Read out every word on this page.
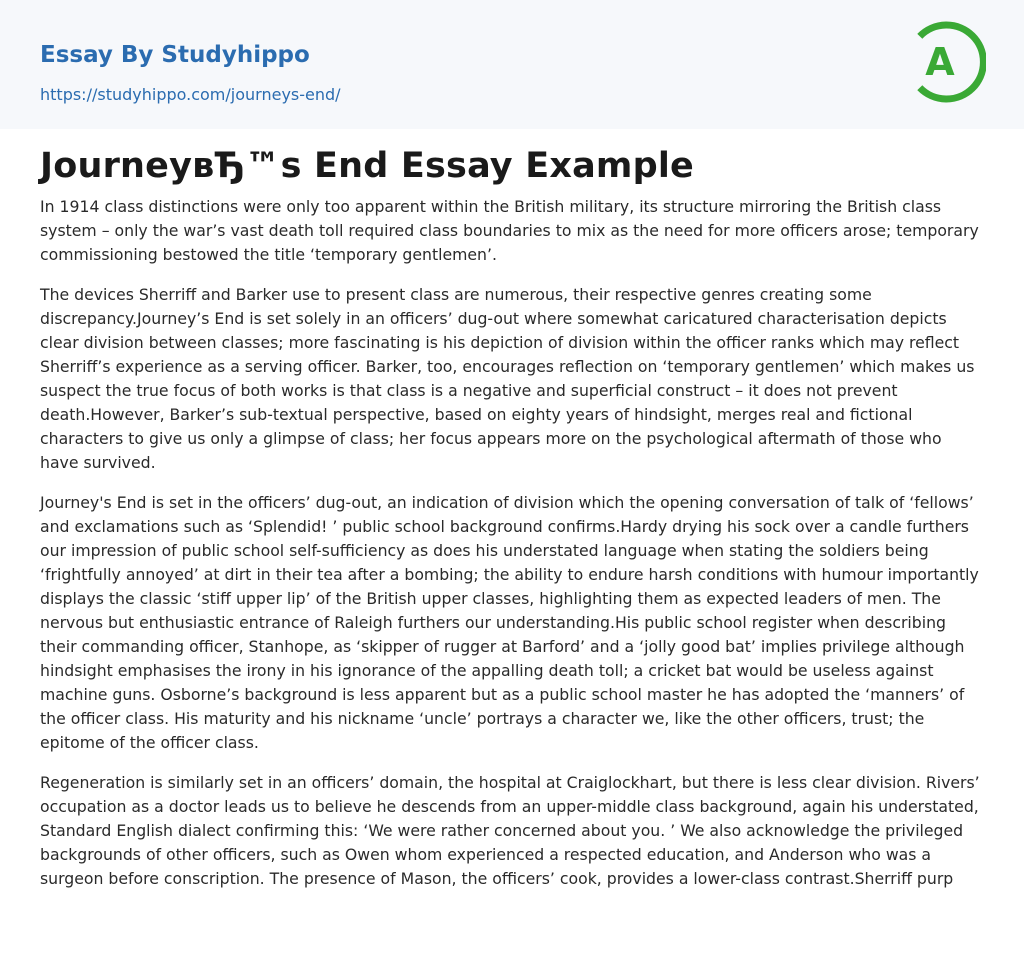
Essay By Studyhippo
https://studyhippo.com/journeys-end/
A
JourneyвЂ™s End Essay Example

In 1914 class distinctions were only too apparent within the British military, its structure mirroring the British class system – only the war’s vast death toll required class boundaries to mix as the need for more officers arose; temporary commissioning bestowed the title ‘temporary gentlemen’.

The devices Sherriff and Barker use to present class are numerous, their respective genres creating some discrepancy.Journey’s End is set solely in an officers’ dug-out where somewhat caricatured characterisation depicts clear division between classes; more fascinating is his depiction of division within the officer ranks which may reflect Sherriff’s experience as a serving officer. Barker, too, encourages reflection on ‘temporary gentlemen’ which makes us suspect the true focus of both works is that class is a negative and superficial construct – it does not prevent death.However, Barker’s sub-textual perspective, based on eighty years of hindsight, merges real and fictional characters to give us only a glimpse of class; her focus appears more on the psychological aftermath of those who have survived.

Journey's End is set in the officers’ dug-out, an indication of division which the opening conversation of talk of ‘fellows’ and exclamations such as ‘Splendid! ’ public school background confirms.Hardy drying his sock over a candle furthers our impression of public school self-sufficiency as does his understated language when stating the soldiers being ‘frightfully annoyed’ at dirt in their tea after a bombing; the ability to endure harsh conditions with humour importantly displays the classic ‘stiff upper lip’ of the British upper classes, highlighting them as expected leaders of men. The nervous but enthusiastic entrance of Raleigh furthers our understanding.His public school register when describing their commanding officer, Stanhope, as ‘skipper of rugger at Barford’ and a ‘jolly good bat’ implies privilege although hindsight emphasises the irony in his ignorance of the appalling death toll; a cricket bat would be useless against machine guns. Osborne’s background is less apparent but as a public school master he has adopted the ‘manners’ of the officer class. His maturity and his nickname ‘uncle’ portrays a character we, like the other officers, trust; the epitome of the officer class.

Regeneration is similarly set in an officers’ domain, the hospital at Craiglockhart, but there is less clear division. Rivers’ occupation as a doctor leads us to believe he descends from an upper-middle class background, again his understated, Standard English dialect confirming this: ‘We were rather concerned about you. ’ We also acknowledge the privileged backgrounds of other officers, such as Owen whom experienced a respected education, and Anderson who was a surgeon before conscription. The presence of Mason, the officers’ cook, provides a lower-class contrast.Sherriff purp
